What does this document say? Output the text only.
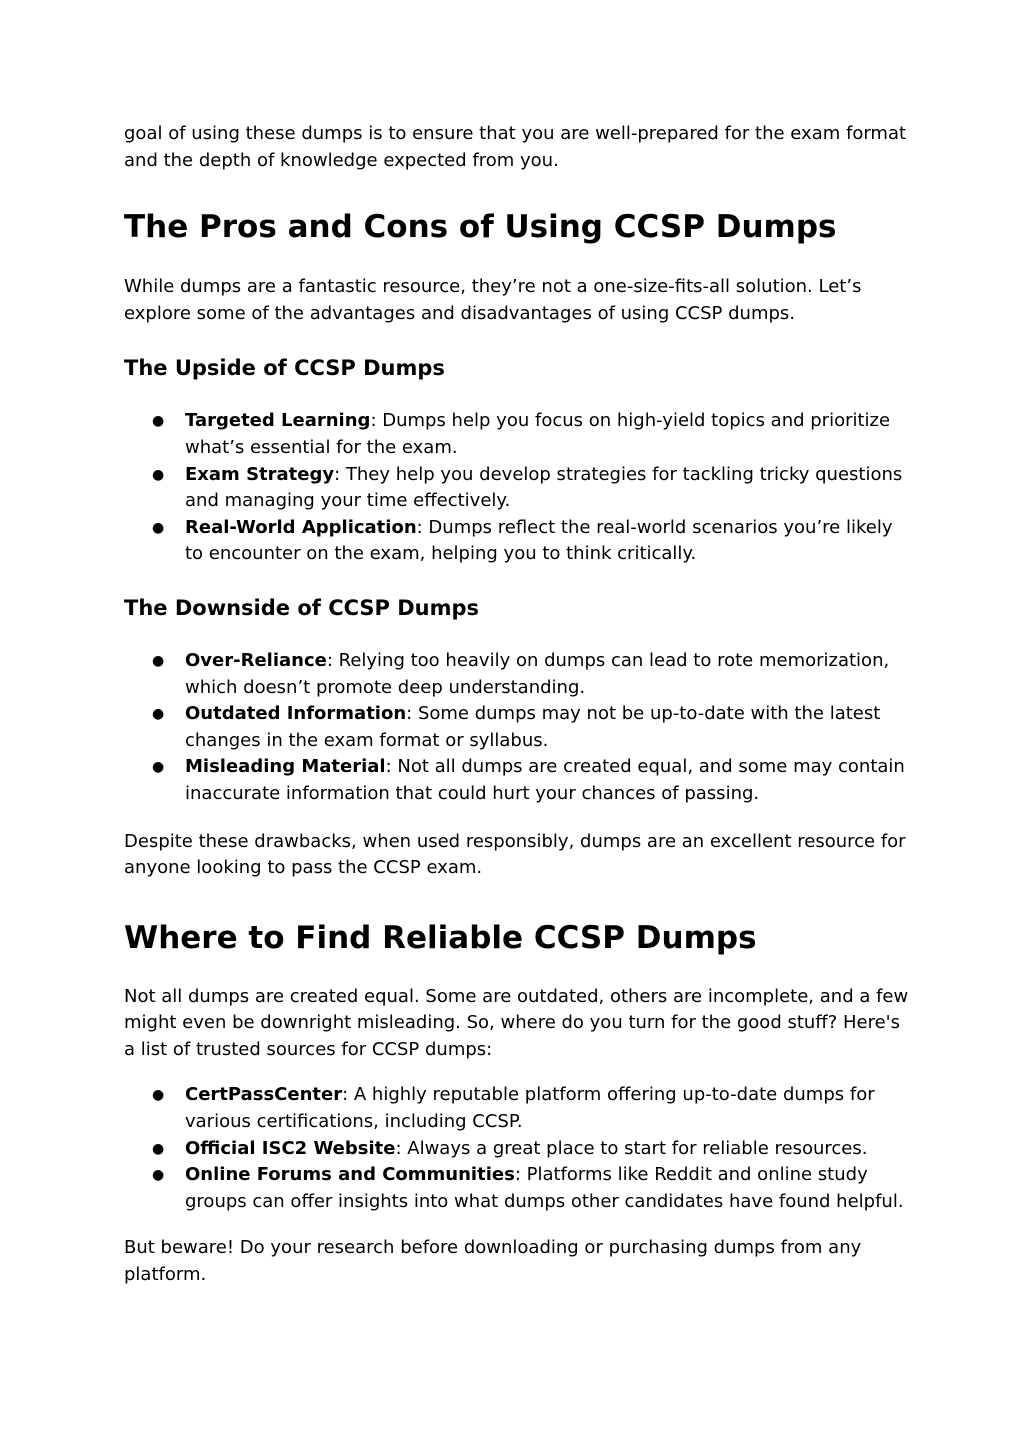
goal of using these dumps is to ensure that you are well-prepared for the exam format and the depth of knowledge expected from you.

The Pros and Cons of Using CCSP Dumps

While dumps are a fantastic resource, they’re not a one-size-fits-all solution. Let’s explore some of the advantages and disadvantages of using CCSP dumps.

The Upside of CCSP Dumps
● Targeted Learning: Dumps help you focus on high-yield topics and prioritize what’s essential for the exam.
● Exam Strategy: They help you develop strategies for tackling tricky questions and managing your time effectively.
● Real-World Application: Dumps reflect the real-world scenarios you’re likely to encounter on the exam, helping you to think critically.
The Downside of CCSP Dumps
● Over-Reliance: Relying too heavily on dumps can lead to rote memorization, which doesn’t promote deep understanding.
● Outdated Information: Some dumps may not be up-to-date with the latest changes in the exam format or syllabus.
● Misleading Material: Not all dumps are created equal, and some may contain inaccurate information that could hurt your chances of passing.

Despite these drawbacks, when used responsibly, dumps are an excellent resource for anyone looking to pass the CCSP exam.

Where to Find Reliable CCSP Dumps

Not all dumps are created equal. Some are outdated, others are incomplete, and a few might even be downright misleading. So, where do you turn for the good stuff? Here's a list of trusted sources for CCSP dumps:

● CertPassCenter: A highly reputable platform offering up-to-date dumps for various certifications, including CCSP.
● Official ISC2 Website: Always a great place to start for reliable resources.
● Online Forums and Communities: Platforms like Reddit and online study groups can offer insights into what dumps other candidates have found helpful.

But beware! Do your research before downloading or purchasing dumps from any platform.
